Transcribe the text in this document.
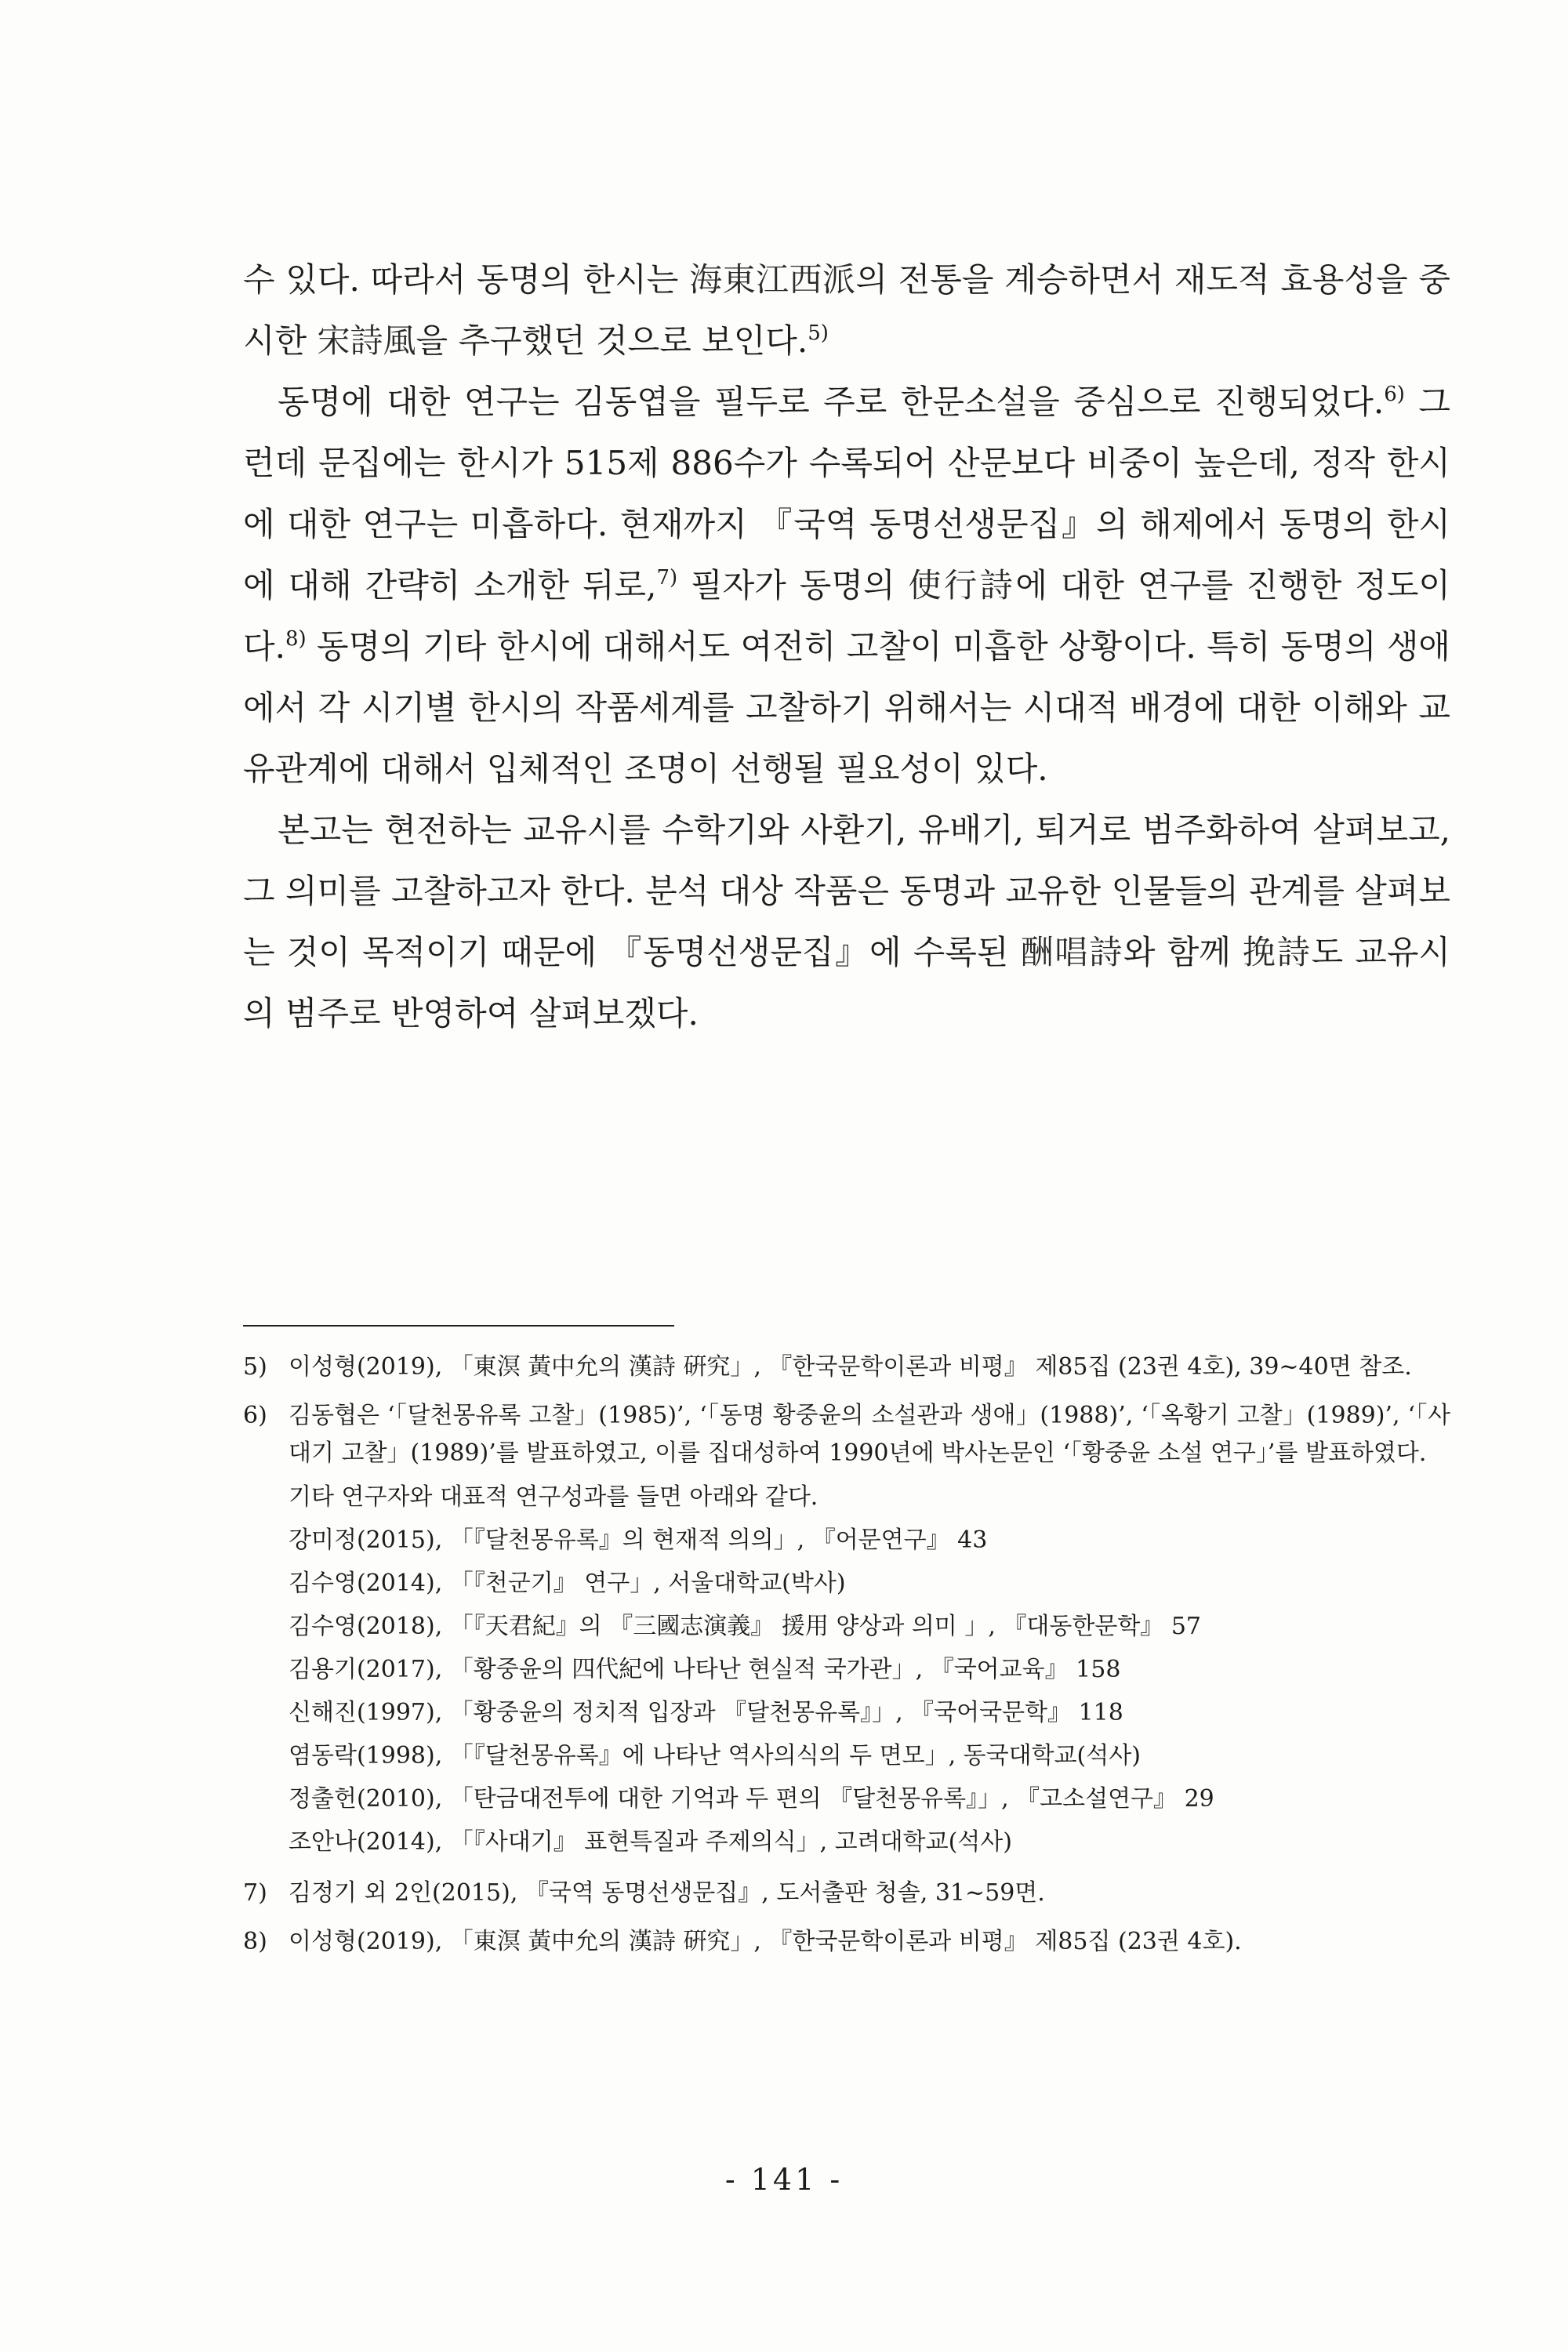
수 있다. 따라서 동명의 한시는 海東江西派의 전통을 계승하면서 재도적 효용성을 중시한 宋詩風을 추구했던 것으로 보인다.$^{5)}$

동명에 대한 연구는 김동엽을 필두로 주로 한문소설을 중심으로 진행되었다.$^{6)}$ 그런데 문집에는 한시가 515제 886수가 수록되어 산문보다 비중이 높은데, 정작 한시에 대한 연구는 미흡하다. 현재까지 『국역 동명선생문집』의 해제에서 동명의 한시에 대해 간략히 소개한 뒤로,$^{7)}$ 필자가 동명의 使行詩에 대한 연구를 진행한 정도이다.$^{8)}$ 동명의 기타 한시에 대해서도 여전히 고찰이 미흡한 상황이다. 특히 동명의 생애에서 각 시기별 한시의 작품세계를 고찰하기 위해서는 시대적 배경에 대한 이해와 교유관계에 대해서 입체적인 조명이 선행될 필요성이 있다.

본고는 현전하는 교유시를 수학기와 사환기, 유배기, 퇴거로 범주화하여 살펴보고, 그 의미를 고찰하고자 한다. 분석 대상 작품은 동명과 교유한 인물들의 관계를 살펴보는 것이 목적이기 때문에 『동명선생문집』에 수록된 酬唱詩와 함께 挽詩도 교유시의 범주로 반영하여 살펴보겠다.

5) 이성형(2019), 「東溟 黃中允의 漢詩 硏究」, 『한국문학이론과 비평』 제85집 (23권 4호), 39~40면 참조.
6) 김동협은 ‘「달천몽유록 고찰」(1985)’, ‘「동명 황중윤의 소설관과 생애」(1988)’, ‘「옥황기 고찰」(1989)’, ‘「사대기 고찰」(1989)’를 발표하였고, 이를 집대성하여 1990년에 박사논문인 ‘「황중윤 소설 연구」’를 발표하였다.
기타 연구자와 대표적 연구성과를 들면 아래와 같다.
강미정(2015), 「『달천몽유록』의 현재적 의의」, 『어문연구』 43
김수영(2014), 「『천군기』 연구」, 서울대학교(박사)
김수영(2018), 「『天君紀』의 『三國志演義』 援用 양상과 의미 」, 『대동한문학』 57
김용기(2017), 「황중윤의 四代紀에 나타난 현실적 국가관」, 『국어교육』 158
신해진(1997), 「황중윤의 정치적 입장과 『달천몽유록』」, 『국어국문학』 118
염동락(1998), 「『달천몽유록』에 나타난 역사의식의 두 면모」, 동국대학교(석사)
정출헌(2010), 「탄금대전투에 대한 기억과 두 편의 『달천몽유록』」, 『고소설연구』 29
조안나(2014), 「『사대기』 표현특질과 주제의식」, 고려대학교(석사)
7) 김정기 외 2인(2015), 『국역 동명선생문집』, 도서출판 청솔, 31~59면.
8) 이성형(2019), 「東溟 黃中允의 漢詩 硏究」, 『한국문학이론과 비평』 제85집 (23권 4호).
- 141 -
